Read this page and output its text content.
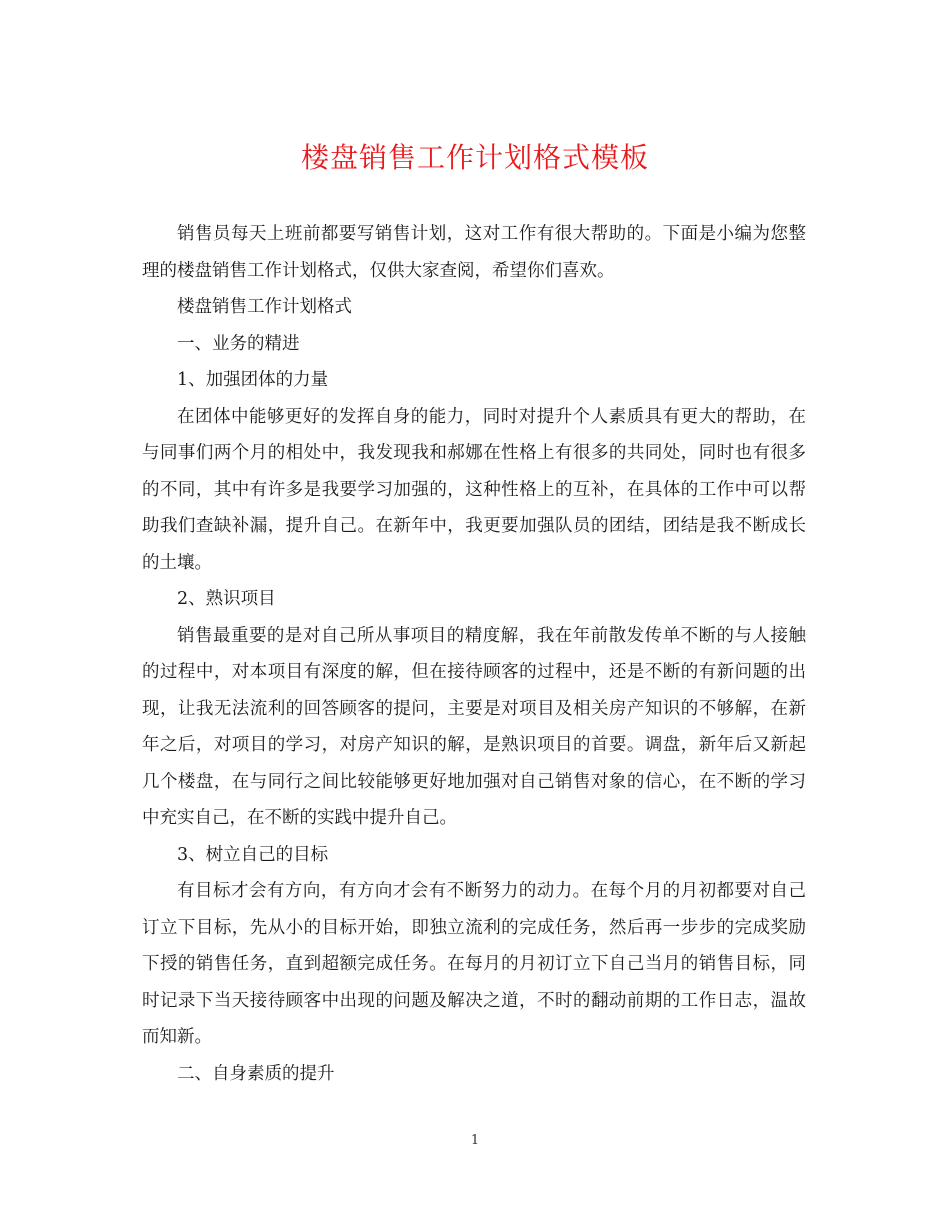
楼盘销售工作计划格式模板

销售员每天上班前都要写销售计划，这对工作有很大帮助的。下面是小编为您整理的楼盘销售工作计划格式，仅供大家查阅，希望你们喜欢。

楼盘销售工作计划格式

一、业务的精进

1、加强团体的力量

在团体中能够更好的发挥自身的能力，同时对提升个人素质具有更大的帮助，在与同事们两个月的相处中，我发现我和郝娜在性格上有很多的共同处，同时也有很多的不同，其中有许多是我要学习加强的，这种性格上的互补，在具体的工作中可以帮助我们查缺补漏，提升自己。在新年中，我更要加强队员的团结，团结是我不断成长的土壤。

2、熟识项目

销售最重要的是对自己所从事项目的精度解，我在年前散发传单不断的与人接触的过程中，对本项目有深度的解，但在接待顾客的过程中，还是不断的有新问题的出现，让我无法流利的回答顾客的提问，主要是对项目及相关房产知识的不够解，在新年之后，对项目的学习，对房产知识的解，是熟识项目的首要。调盘，新年后又新起几个楼盘，在与同行之间比较能够更好地加强对自己销售对象的信心，在不断的学习中充实自己，在不断的实践中提升自己。

3、树立自己的目标

有目标才会有方向，有方向才会有不断努力的动力。在每个月的月初都要对自己订立下目标，先从小的目标开始，即独立流利的完成任务，然后再一步步的完成奖励下授的销售任务，直到超额完成任务。在每月的月初订立下自己当月的销售目标，同时记录下当天接待顾客中出现的问题及解决之道，不时的翻动前期的工作日志，温故而知新。

二、自身素质的提升

1
